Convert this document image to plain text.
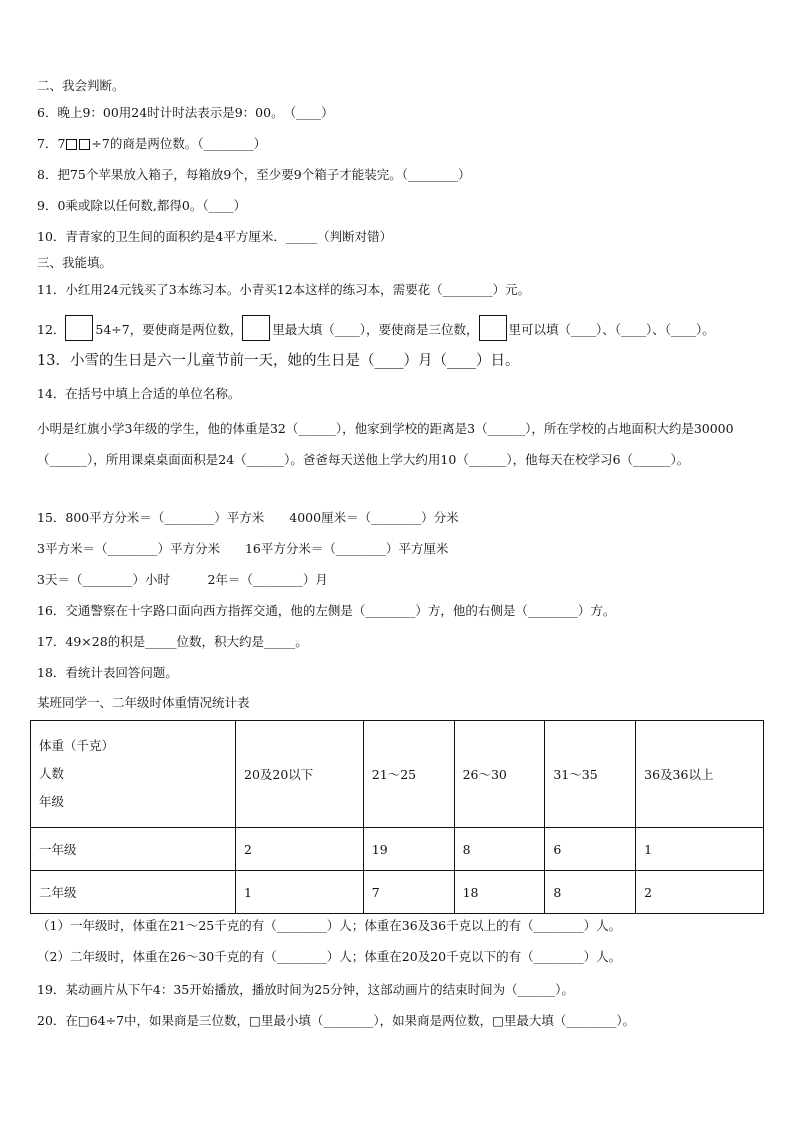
二、我会判断。
6．晚上9：00用24时计时法表示是9：00。　（____）
7．7 ÷7的商是两位数。（________）
8．把75个苹果放入箱子，每箱放9个，至少要9个箱子才能装完。（________）
9．0乘或除以任何数,都得0。（____）
10．青青家的卫生间的面积约是4平方厘米．_____（判断对错）
三、我能填。
11．小红用24元钱买了3本练习本。小青买12本这样的练习本，需要花（________）元。
12． 54÷7，要使商是两位数， 里最大填（____），要使商是三位数， 里可以填（____）、（____）、（____）。
13．小雪的生日是六一儿童节前一天，她的生日是（____）月（____）日。
14．在括号中填上合适的单位名称。
小明是红旗小学3年级的学生，他的体重是32（______），他家到学校的距离是3（______），所在学校的占地面积大约是30000（______），所用课桌桌面面积是24（______）。爸爸每天送他上学大约用10（______），他每天在校学习6（______）。
15．800平方分米＝（________）平方米　　4000厘米＝（________）分米
3平方米＝（________）平方分米　　16平方分米＝（________）平方厘米
3天＝（________）小时　　　2年＝（________）月
16．交通警察在十字路口面向西方指挥交通，他的左侧是（________）方，他的右侧是（________）方。
17．49×28的积是_____位数，积大约是_____。
18．看统计表回答问题。
某班同学一、二年级时体重情况统计表
体重（千克）
人数
年级	20及20以下	21～25	26～30	31～35	36及36以上
一年级	2	19	8	6	1
二年级	1	7	18	8	2
（1）一年级时，体重在21～25千克的有（________）人；体重在36及36千克以上的有（________）人。
（2）二年级时，体重在26～30千克的有（________）人；体重在20及20千克以下的有（________）人。
19．某动画片从下午4：35开始播放，播放时间为25分钟，这部动画片的结束时间为（______）。
20．在□64÷7中，如果商是三位数，□里最小填（________），如果商是两位数，□里最大填（________）。
